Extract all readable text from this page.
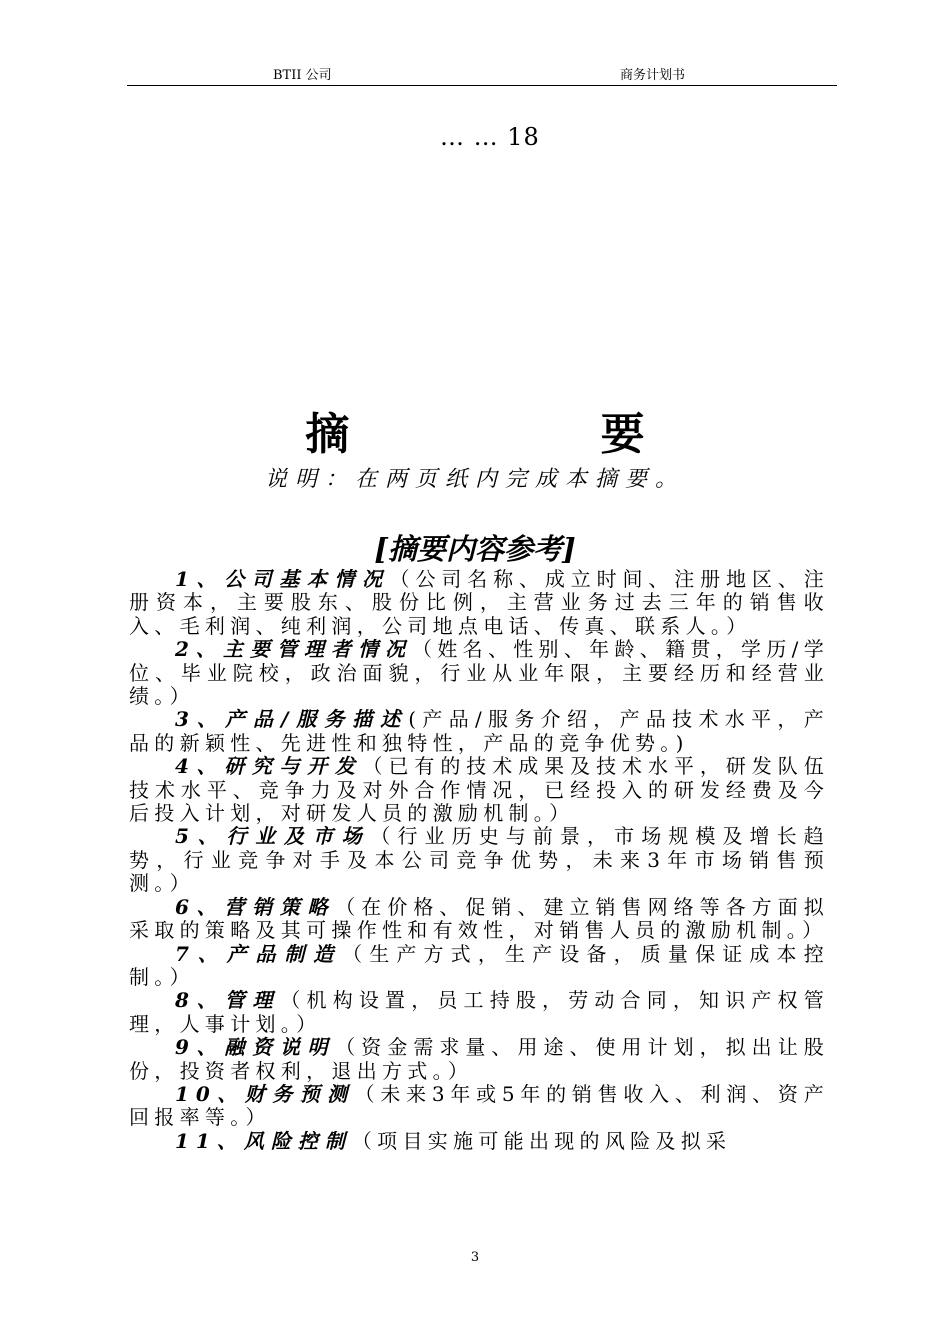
BTII 公司	商务计划书
… … 18
摘 要
说明：在两页纸内完成本摘要。
[摘要内容参考]

1、公司基本情况（公司名称、成立时间、注册地区、注册资本，主要股东、股份比例，主营业务过去三年的销售收入、毛利润、纯利润，公司地点电话、传真、联系人。）

2、主要管理者情况（姓名、性别、年龄、籍贯，学历/学位、毕业院校，政治面貌，行业从业年限，主要经历和经营业绩。）

3、产品/服务描述(产品/服务介绍，产品技术水平，产品的新颖性、先进性和独特性，产品的竞争优势。)

4、研究与开发（已有的技术成果及技术水平，研发队伍技术水平、竞争力及对外合作情况，已经投入的研发经费及今后投入计划，对研发人员的激励机制。）

5、行业及市场（行业历史与前景，市场规模及增长趋势，行业竞争对手及本公司竞争优势，未来3年市场销售预测。）

6、营销策略（在价格、促销、建立销售网络等各方面拟采取的策略及其可操作性和有效性，对销售人员的激励机制。）

7、产品制造（生产方式，生产设备，质量保证成本控制。）

8、管理（机构设置，员工持股，劳动合同，知识产权管理，人事计划。）

9、融资说明（资金需求量、用途、使用计划，拟出让股份，投资者权利，退出方式。）

10、财务预测（未来3年或5年的销售收入、利润、资产回报率等。）

11、风险控制（项目实施可能出现的风险及拟采

3
